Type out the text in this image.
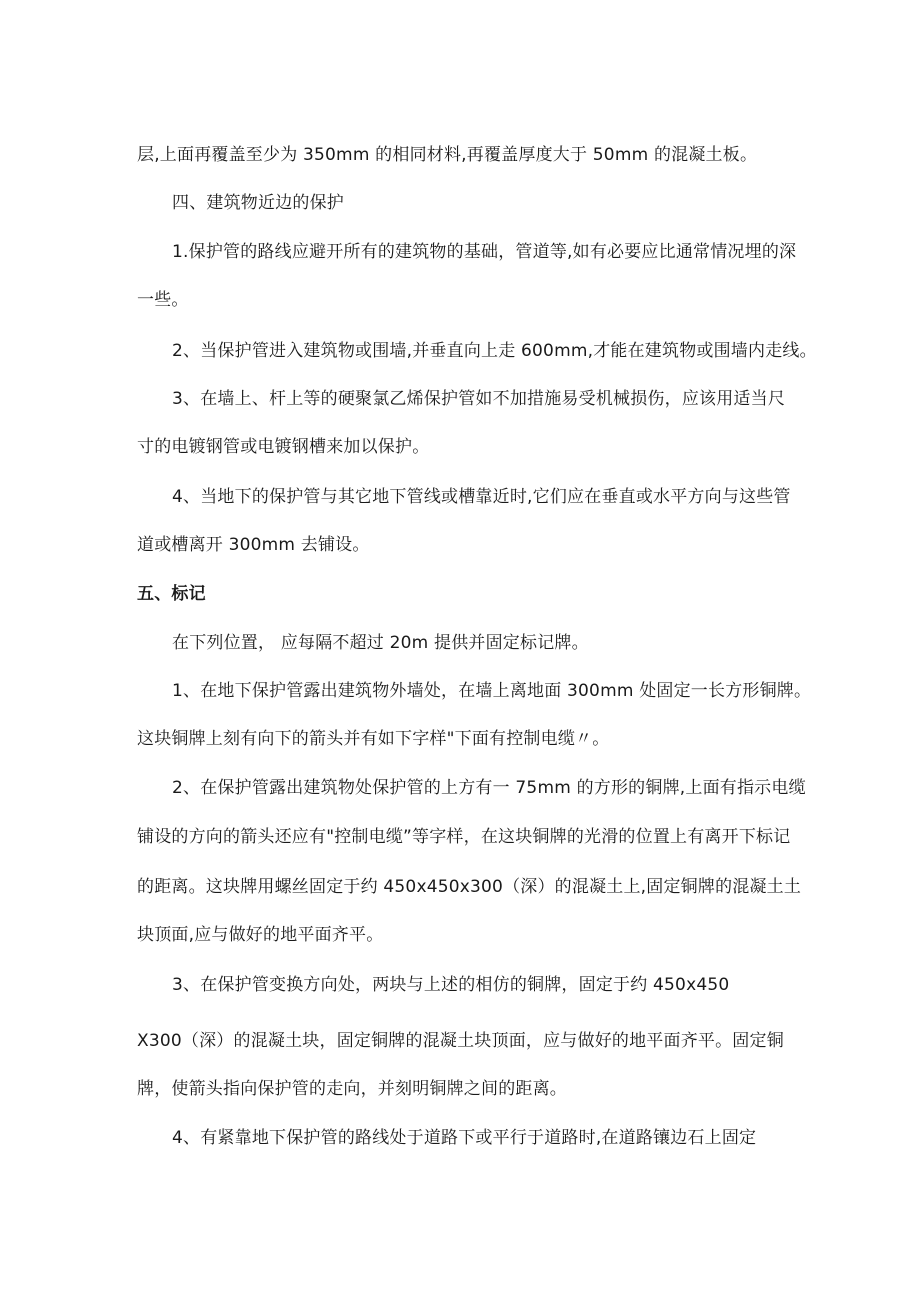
层,上面再覆盖至少为 350mm 的相同材料,再覆盖厚度大于 50mm 的混凝土板。
四、建筑物近边的保护
1.保护管的路线应避开所有的建筑物的基础，管道等,如有必要应比通常情况埋的深
一些。
2、当保护管进入建筑物或围墙,并垂直向上走 600mm,才能在建筑物或围墙内走线。
3、在墙上、杆上等的硬聚氯乙烯保护管如不加措施易受机械损伤，应该用适当尺
寸的电镀钢管或电镀钢槽来加以保护。
4、当地下的保护管与其它地下管线或槽靠近时,它们应在垂直或水平方向与这些管
道或槽离开 300mm 去铺设。
五、标记
在下列位置， 应每隔不超过 20m 提供并固定标记牌。
1、在地下保护管露出建筑物外墙处，在墙上离地面 300mm 处固定一长方形铜牌。
这块铜牌上刻有向下的箭头并有如下字样"下面有控制电缆〃。
2、在保护管露出建筑物处保护管的上方有一 75mm 的方形的铜牌,上面有指示电缆
铺设的方向的箭头还应有"控制电缆”等字样，在这块铜牌的光滑的位置上有离开下标记
的距离。这块牌用螺丝固定于约 450x450x300（深）的混凝土上,固定铜牌的混凝土土
块顶面,应与做好的地平面齐平。
3、在保护管变换方向处，两块与上述的相仿的铜牌，固定于约 450x450
X300（深）的混凝土块，固定铜牌的混凝土块顶面，应与做好的地平面齐平。固定铜
牌，使箭头指向保护管的走向，并刻明铜牌之间的距离。
4、有紧靠地下保护管的路线处于道路下或平行于道路时,在道路镶边石上固定
